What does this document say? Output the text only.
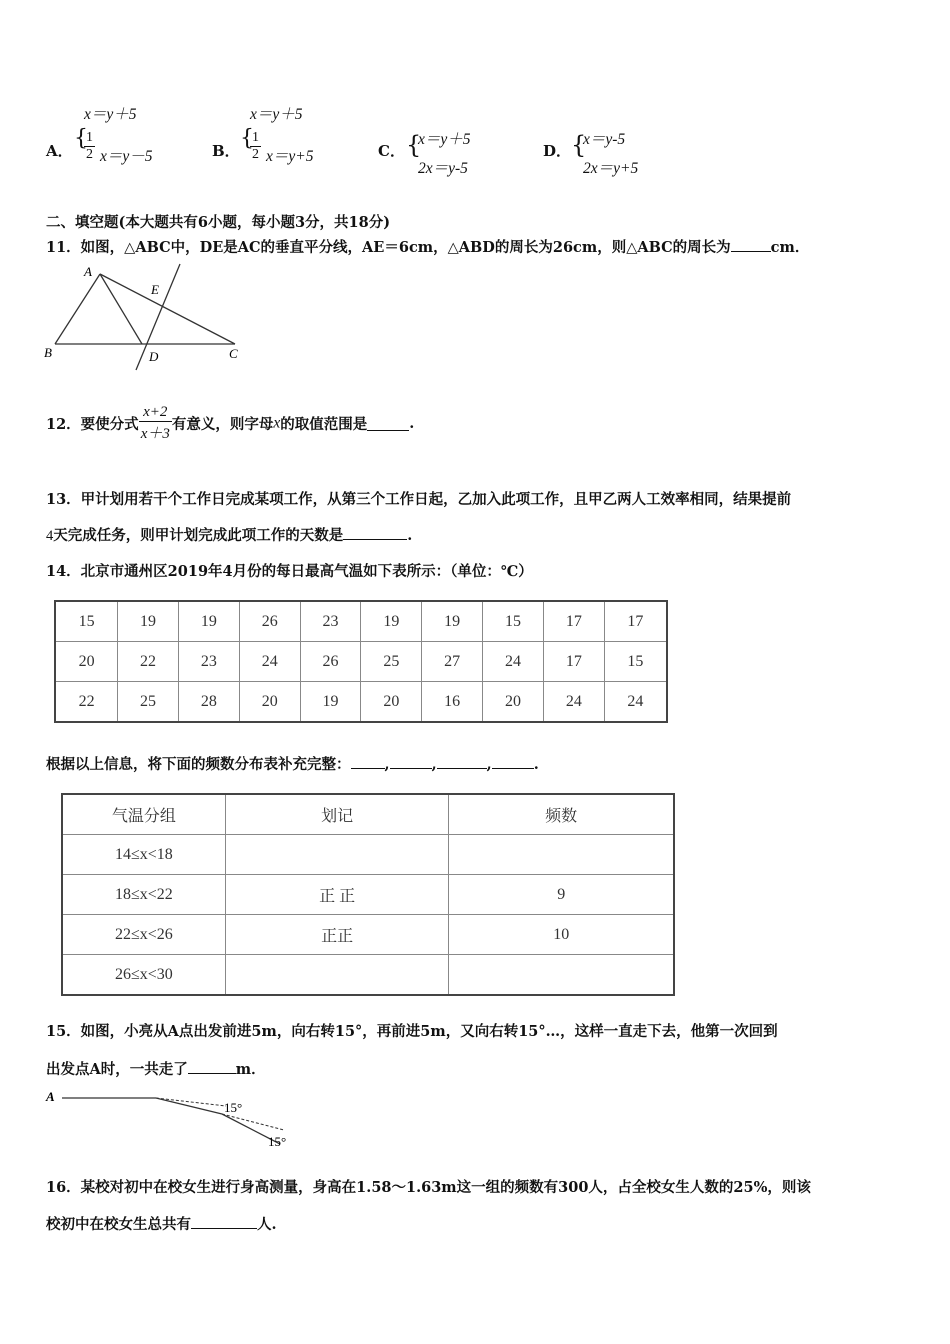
x＝y＋5
A． {
$\frac{1}{2} x=y-5$
x＝y＋5
B． {
$\frac{1}{2} x=y+5$	C． {
x＝y＋5
2x＝y-5
D． {
x＝y-5
2x＝y+5
二、填空题(本大题共有6小题，每小题3分，共18分)
11．如图，△ABC中，DE是AC的垂直平分线，AE＝6cm，△ABD的周长为26cm，则△ABC的周长为	cm．
A
B	C
D
E
12．要使分式 $\frac{x+2}{x+3}$ 有意义，则字母x的取值范围是	.
13．甲计划用若干个工作日完成某项工作，从第三个工作日起，乙加入此项工作，且甲乙两人工效率相同，结果提前
4天完成任务，则甲计划完成此项工作的天数是	.
14．北京市通州区2019年4月份的每日最高气温如下表所示：（单位：℃）
15	19	19	26	23	19	19	15	17	17
20	22	23	24	26	25	27	24	17	15
22	25	28	20	19	20	16	20	24	24
根据以上信息，将下面的频数分布表补充完整： ,	,	,	.
气温分组	划记	频数
14≤x<18		
18≤x<22	正 正	9
22≤x<26	正正	10
26≤x<30		
15．如图，小亮从A点出发前进5m，向右转15°，再前进5m，又向右转15°…，这样一直走下去，他第一次回到
出发点A时，一共走了	m．
A
15°
15°
16．某校对初中在校女生进行身高测量，身高在1.58～1.63m这一组的频数有300人，占全校女生人数的25%，则该
校初中在校女生总共有	人.
